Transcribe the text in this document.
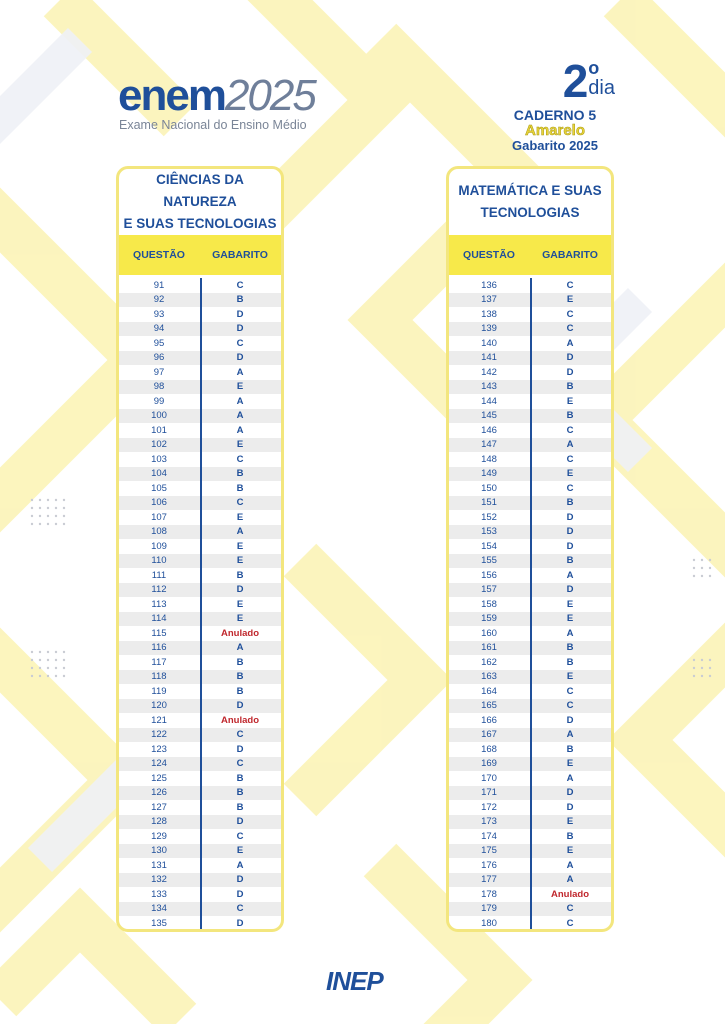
enem2025
Exame Nacional do Ensino Médio
2 o
dia
CADERNO 5
Amarelo
Gabarito 2025
CIÊNCIAS DA NATUREZA
E SUAS TECNOLOGIAS
QUESTÃO	GABARITO
91	C
92	B
93	D
94	D
95	C
96	D
97	A
98	E
99	A
100	A
101	A
102	E
103	C
104	B
105	B
106	C
107	E
108	A
109	E
110	E
111	B
112	D
113	E
114	E
115	Anulado
116	A
117	B
118	B
119	B
120	D
121	Anulado
122	C
123	D
124	C
125	B
126	B
127	B
128	D
129	C
130	E
131	A
132	D
133	D
134	C
135	D
MATEMÁTICA E SUAS
TECNOLOGIAS
QUESTÃO	GABARITO
136	C
137	E
138	C
139	C
140	A
141	D
142	D
143	B
144	E
145	B
146	C
147	A
148	C
149	E
150	C
151	B
152	D
153	D
154	D
155	B
156	A
157	D
158	E
159	E
160	A
161	B
162	B
163	E
164	C
165	C
166	D
167	A
168	B
169	E
170	A
171	D
172	D
173	E
174	B
175	E
176	A
177	A
178	Anulado
179	C
180	C
INEP
